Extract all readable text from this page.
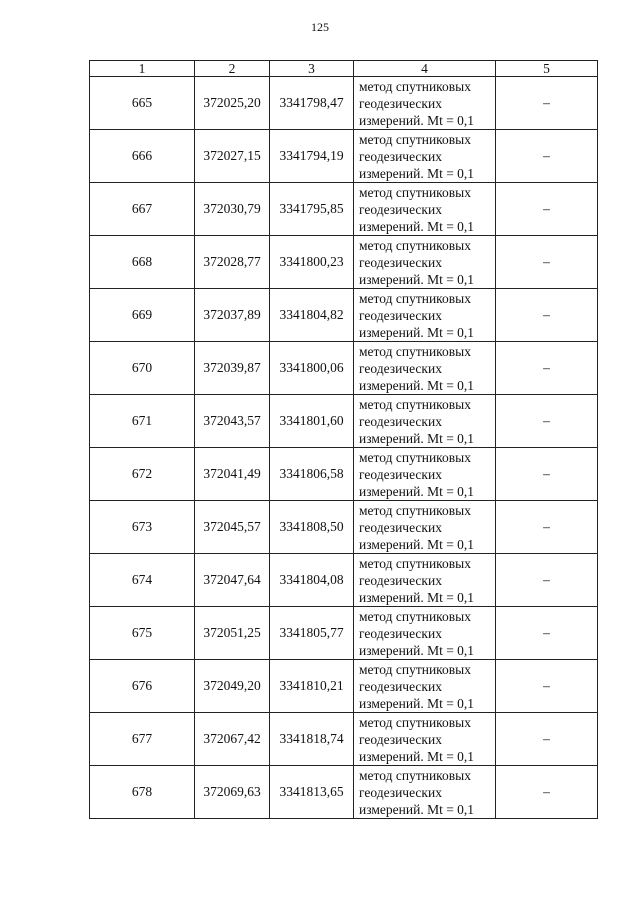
125
1	2	3	4	5
665	372025,20	3341798,47	метод спутниковых геодезических измерений. Mt = 0,1	–
666	372027,15	3341794,19	метод спутниковых геодезических измерений. Mt = 0,1	–
667	372030,79	3341795,85	метод спутниковых геодезических измерений. Mt = 0,1	–
668	372028,77	3341800,23	метод спутниковых геодезических измерений. Mt = 0,1	–
669	372037,89	3341804,82	метод спутниковых геодезических измерений. Mt = 0,1	–
670	372039,87	3341800,06	метод спутниковых геодезических измерений. Mt = 0,1	–
671	372043,57	3341801,60	метод спутниковых геодезических измерений. Mt = 0,1	–
672	372041,49	3341806,58	метод спутниковых геодезических измерений. Mt = 0,1	–
673	372045,57	3341808,50	метод спутниковых геодезических измерений. Mt = 0,1	–
674	372047,64	3341804,08	метод спутниковых геодезических измерений. Mt = 0,1	–
675	372051,25	3341805,77	метод спутниковых геодезических измерений. Mt = 0,1	–
676	372049,20	3341810,21	метод спутниковых геодезических измерений. Mt = 0,1	–
677	372067,42	3341818,74	метод спутниковых геодезических измерений. Mt = 0,1	–
678	372069,63	3341813,65	метод спутниковых геодезических измерений. Mt = 0,1	–
